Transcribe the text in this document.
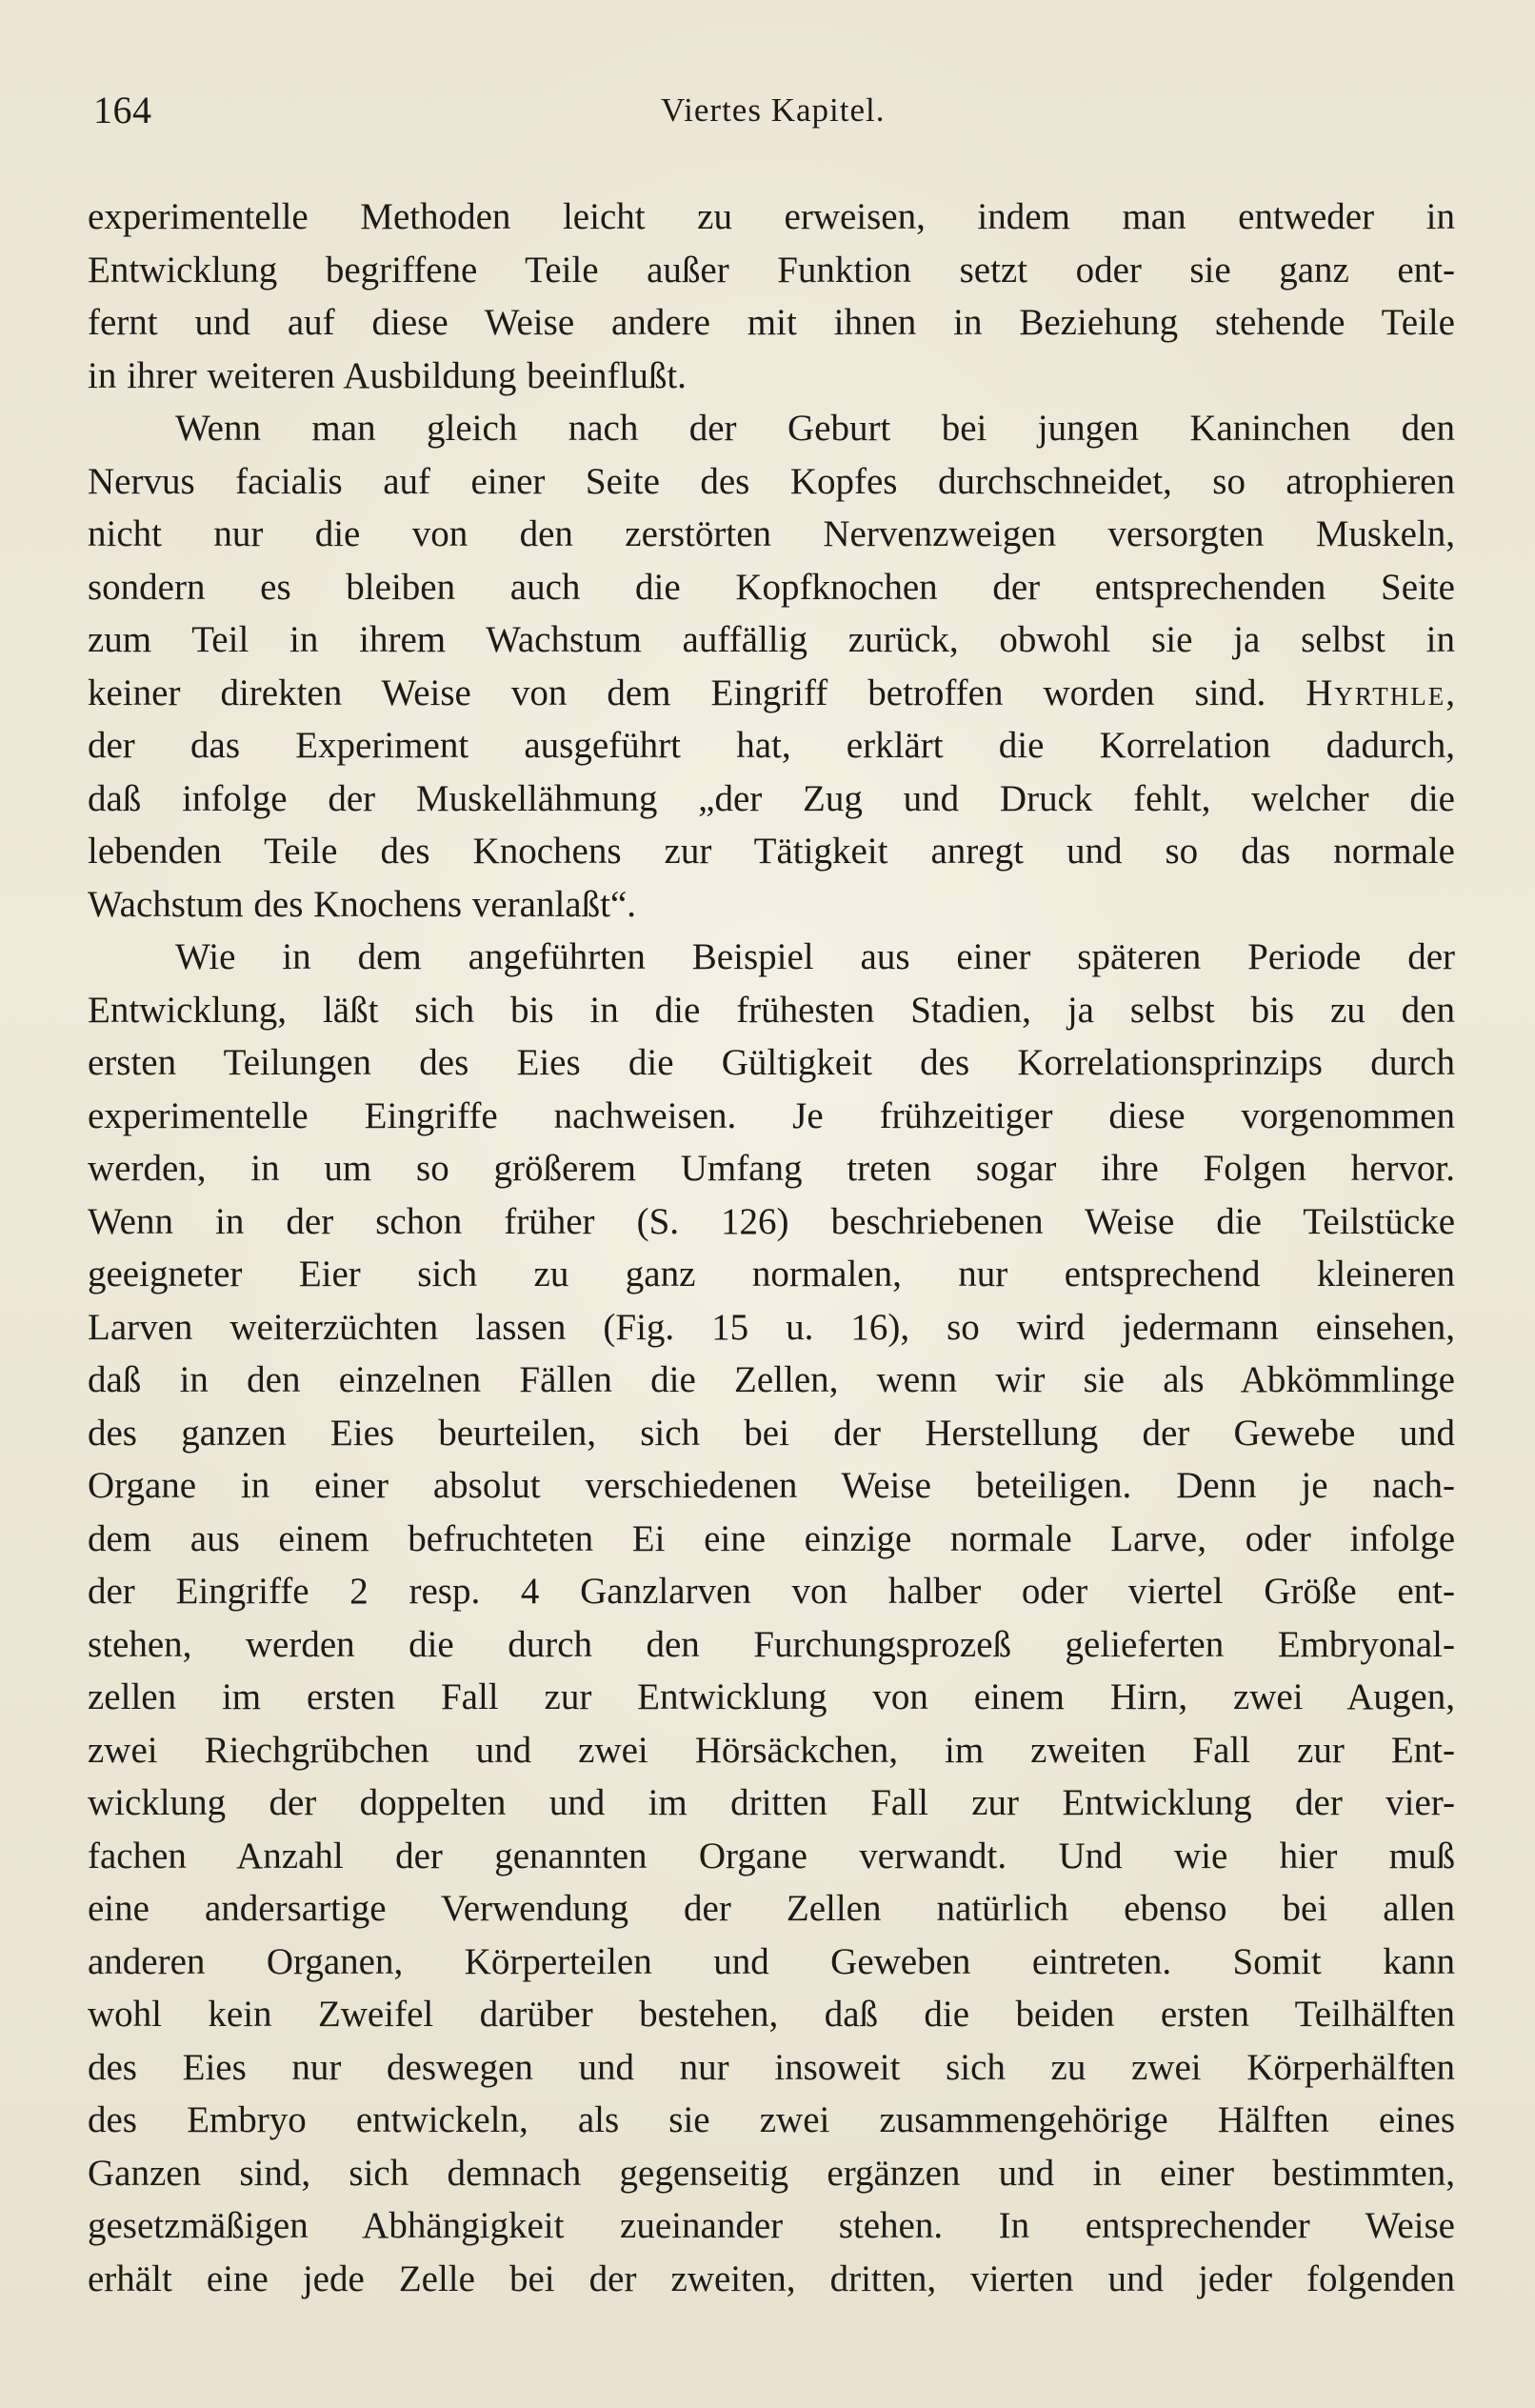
164	Viertes Kapitel.
experimentelle Methoden leicht zu erweisen, indem man entweder in
Entwicklung begriffene Teile außer Funktion setzt oder sie ganz ent-
fernt und auf diese Weise andere mit ihnen in Beziehung stehende Teile
in ihrer weiteren Ausbildung beeinflußt.
Wenn man gleich nach der Geburt bei jungen Kaninchen den
Nervus facialis auf einer Seite des Kopfes durchschneidet, so atrophieren
nicht nur die von den zerstörten Nervenzweigen versorgten Muskeln,
sondern es bleiben auch die Kopfknochen der entsprechenden Seite
zum Teil in ihrem Wachstum auffällig zurück, obwohl sie ja selbst in
keiner direkten Weise von dem Eingriff betroffen worden sind. Hyrthle,
der das Experiment ausgeführt hat, erklärt die Korrelation dadurch,
daß infolge der Muskellähmung „der Zug und Druck fehlt, welcher die
lebenden Teile des Knochens zur Tätigkeit anregt und so das normale
Wachstum des Knochens veranlaßt“.
Wie in dem angeführten Beispiel aus einer späteren Periode der
Entwicklung, läßt sich bis in die frühesten Stadien, ja selbst bis zu den
ersten Teilungen des Eies die Gültigkeit des Korrelationsprinzips durch
experimentelle Eingriffe nachweisen. Je frühzeitiger diese vorgenommen
werden, in um so größerem Umfang treten sogar ihre Folgen hervor.
Wenn in der schon früher (S. 126) beschriebenen Weise die Teilstücke
geeigneter Eier sich zu ganz normalen, nur entsprechend kleineren
Larven weiterzüchten lassen (Fig. 15 u. 16), so wird jedermann einsehen,
daß in den einzelnen Fällen die Zellen, wenn wir sie als Abkömmlinge
des ganzen Eies beurteilen, sich bei der Herstellung der Gewebe und
Organe in einer absolut verschiedenen Weise beteiligen. Denn je nach-
dem aus einem befruchteten Ei eine einzige normale Larve, oder infolge
der Eingriffe 2 resp. 4 Ganzlarven von halber oder viertel Größe ent-
stehen, werden die durch den Furchungsprozeß gelieferten Embryonal-
zellen im ersten Fall zur Entwicklung von einem Hirn, zwei Augen,
zwei Riechgrübchen und zwei Hörsäckchen, im zweiten Fall zur Ent-
wicklung der doppelten und im dritten Fall zur Entwicklung der vier-
fachen Anzahl der genannten Organe verwandt. Und wie hier muß
eine andersartige Verwendung der Zellen natürlich ebenso bei allen
anderen Organen, Körperteilen und Geweben eintreten. Somit kann
wohl kein Zweifel darüber bestehen, daß die beiden ersten Teilhälften
des Eies nur deswegen und nur insoweit sich zu zwei Körperhälften
des Embryo entwickeln, als sie zwei zusammengehörige Hälften eines
Ganzen sind, sich demnach gegenseitig ergänzen und in einer bestimmten,
gesetzmäßigen Abhängigkeit zueinander stehen. In entsprechender Weise
erhält eine jede Zelle bei der zweiten, dritten, vierten und jeder folgenden
